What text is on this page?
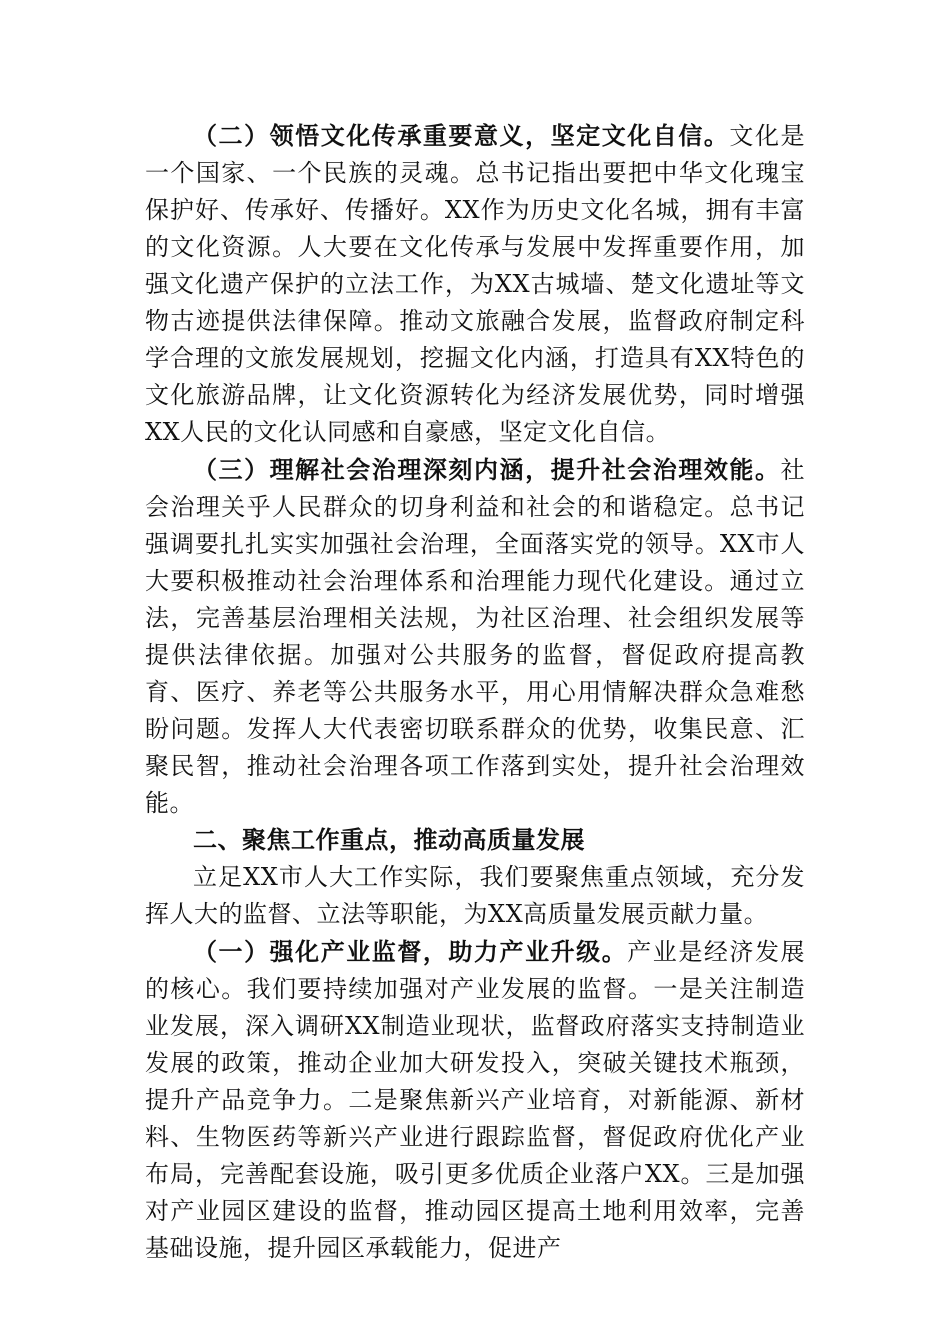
（二）领悟文化传承重要意义，坚定文化自信。文化是一个国家、一个民族的灵魂。总书记指出要把中华文化瑰宝保护好、传承好、传播好。XX作为历史文化名城，拥有丰富的文化资源。人大要在文化传承与发展中发挥重要作用，加强文化遗产保护的立法工作，为XX古城墙、楚文化遗址等文物古迹提供法律保障。推动文旅融合发展，监督政府制定科学合理的文旅发展规划，挖掘文化内涵，打造具有XX特色的文化旅游品牌，让文化资源转化为经济发展优势，同时增强XX人民的文化认同感和自豪感，坚定文化自信。

（三）理解社会治理深刻内涵，提升社会治理效能。社会治理关乎人民群众的切身利益和社会的和谐稳定。总书记强调要扎扎实实加强社会治理，全面落实党的领导。XX市人大要积极推动社会治理体系和治理能力现代化建设。通过立法，完善基层治理相关法规，为社区治理、社会组织发展等提供法律依据。加强对公共服务的监督，督促政府提高教育、医疗、养老等公共服务水平，用心用情解决群众急难愁盼问题。发挥人大代表密切联系群众的优势，收集民意、汇聚民智，推动社会治理各项工作落到实处，提升社会治理效能。

二、聚焦工作重点，推动高质量发展

立足XX市人大工作实际，我们要聚焦重点领域，充分发挥人大的监督、立法等职能，为XX高质量发展贡献力量。

（一）强化产业监督，助力产业升级。产业是经济发展的核心。我们要持续加强对产业发展的监督。一是关注制造业发展，深入调研XX制造业现状，监督政府落实支持制造业发展的政策，推动企业加大研发投入，突破关键技术瓶颈，提升产品竞争力。二是聚焦新兴产业培育，对新能源、新材料、生物医药等新兴产业进行跟踪监督，督促政府优化产业布局，完善配套设施，吸引更多优质企业落户XX。三是加强对产业园区建设的监督，推动园区提高土地利用效率，完善基础设施，提升园区承载能力，促进产
